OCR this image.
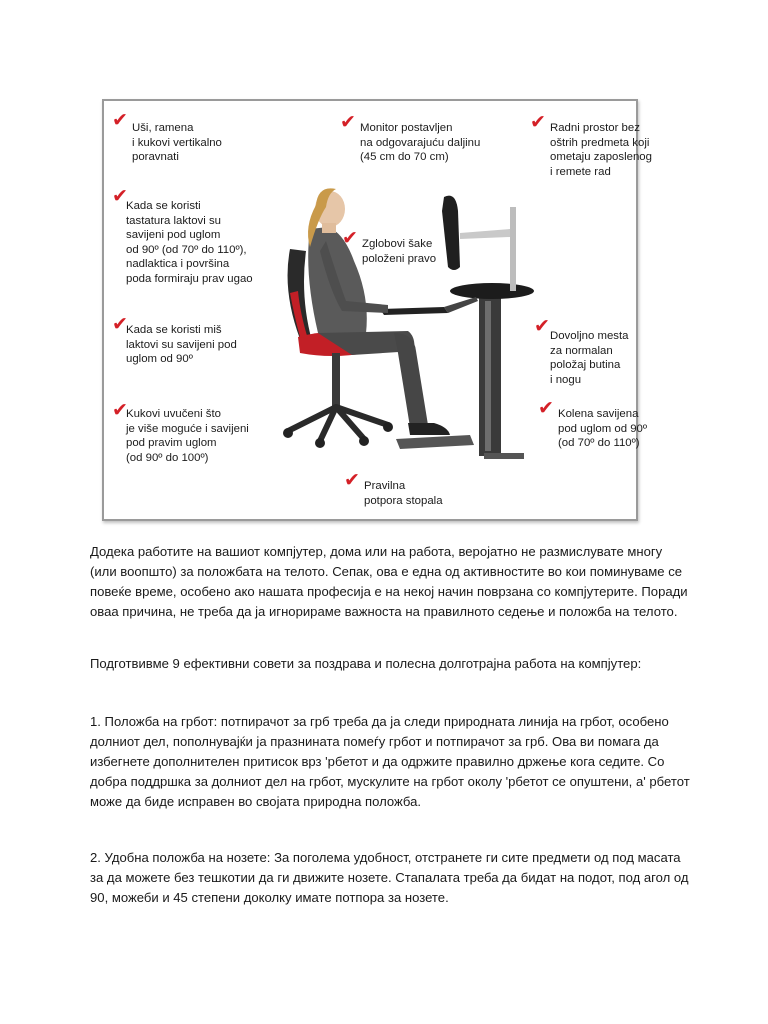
✔	✔	✔
✔
✔
✔	✔
✔	✔
✔
Uši, ramena
i kukovi vertikalno
poravnati
Monitor postavljen
na odgovarajuću daljinu
(45 cm do 70 cm)
Radni prostor bez
oštrih predmeta koji
ometaju zaposlenog
i remete rad
Kada se koristi
tastatura laktovi su
savijeni pod uglom
od 90º (od 70º do 110º),
nadlaktica i površina
poda formiraju prav ugao
Zglobovi šake
položeni pravo
Kada se koristi miš
laktovi su savijeni pod
uglom od 90º
Dovoljno mesta
za normalan
položaj butina
i nogu
Kukovi uvučeni što
je više moguće i savijeni
pod pravim uglom
(od 90º do 100º)
Kolena savijena
pod uglom od 90º
(od 70º do 110º)
Pravilna
potpora stopala

Додека работите на вашиот компјутер, дома или на работа, веројатно не размислувате многу (или воопшто) за положбата на телото. Сепак, ова е една од активностите во кои поминуваме се повеќе време, особено ако нашата професија е на некој начин поврзана со компјутерите. Поради оваа причина, не треба да ја игнорираме важноста на правилното седење и положба на телото.

Подготвивме 9 ефективни совети за поздрава и полесна долготрајна работа на компјутер:

1. Положба на грбот: потпирачот за грб треба да ја следи природната линија на грбот, особено долниот дел, пополнувајќи ја празнината помеѓу грбот и потпирачот за грб. Ова ви помага да избегнете дополнителен притисок врз 'рбетот и да одржите правилно држење кога седите. Со добра поддршка за долниот дел на грбот, мускулите на грбот околу 'рбетот се опуштени, а' рбетот може да биде исправен во својата природна положба.

2. Удобна положба на нозете: За поголема удобност, отстранете ги сите предмети од под масата за да можете без тешкотии да ги движите нозете. Стапалата треба да бидат на подот, под агол од 90, можеби и 45 степени доколку имате потпора за нозете.
